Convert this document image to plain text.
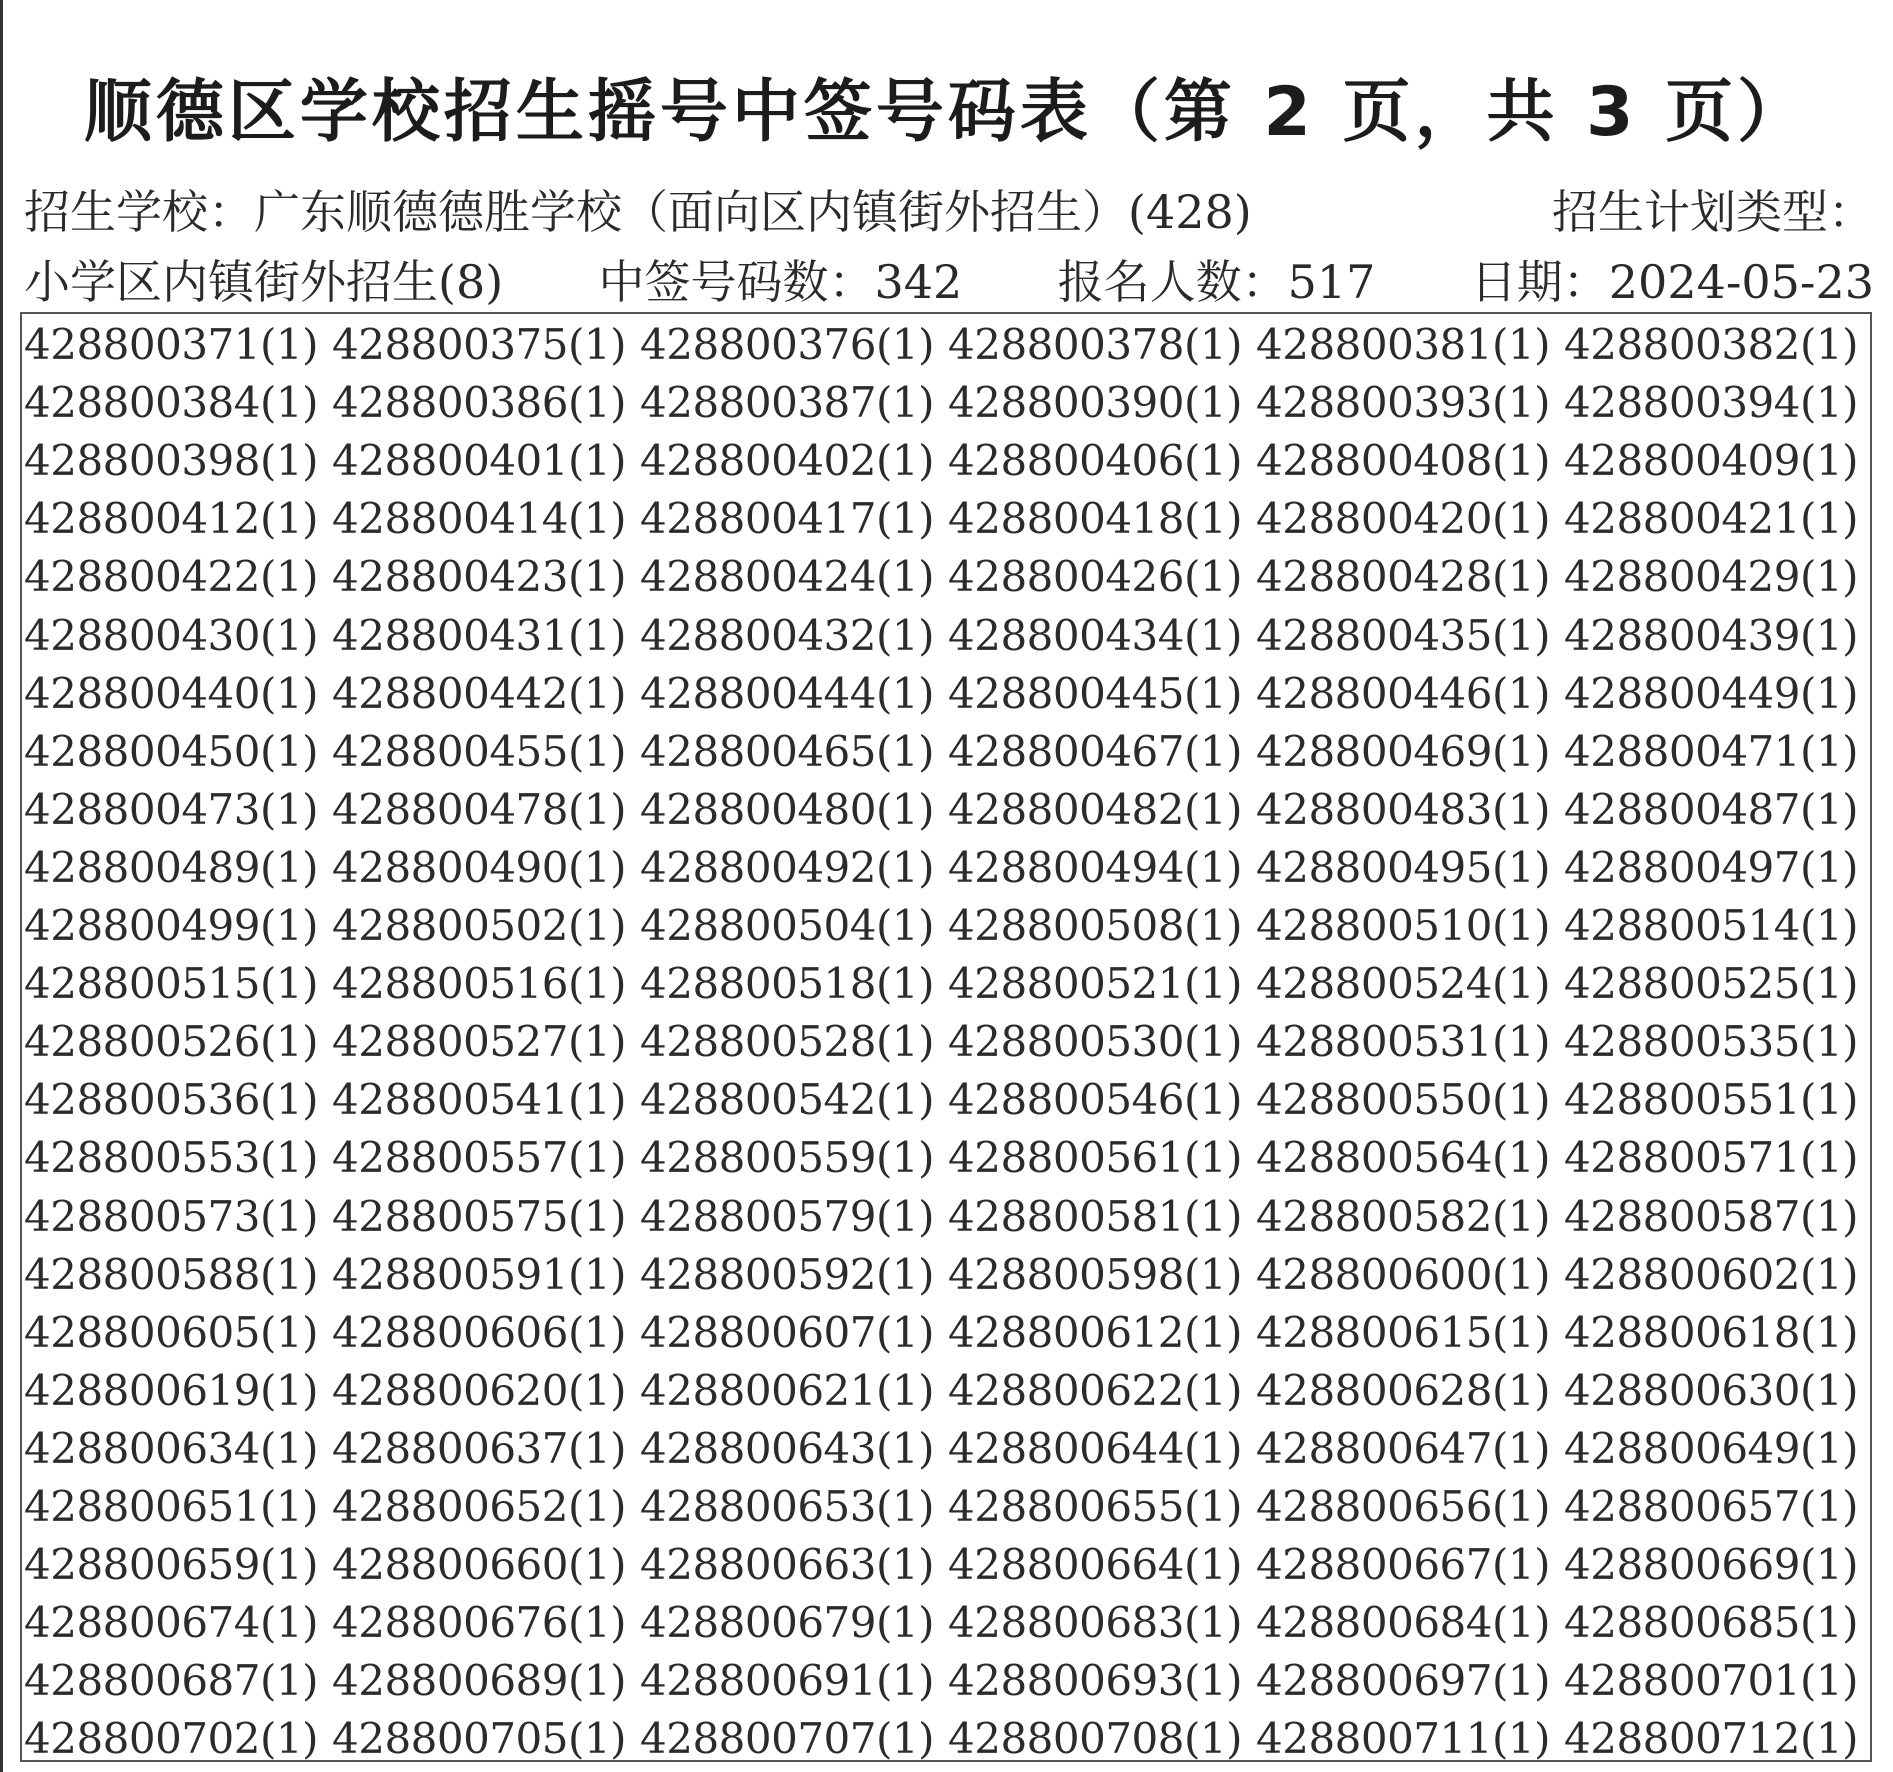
顺德区学校招生摇号中签号码表（第 2 页，共 3 页）
招生学校：广东顺德德胜学校（面向区内镇街外招生）(428)	招生计划类型：
小学区内镇街外招生(8) 中签号码数：342 报名人数：517 日期：2024-05-23
428800371(1) 428800375(1) 428800376(1) 428800378(1) 428800381(1) 428800382(1)
428800384(1) 428800386(1) 428800387(1) 428800390(1) 428800393(1) 428800394(1)
428800398(1) 428800401(1) 428800402(1) 428800406(1) 428800408(1) 428800409(1)
428800412(1) 428800414(1) 428800417(1) 428800418(1) 428800420(1) 428800421(1)
428800422(1) 428800423(1) 428800424(1) 428800426(1) 428800428(1) 428800429(1)
428800430(1) 428800431(1) 428800432(1) 428800434(1) 428800435(1) 428800439(1)
428800440(1) 428800442(1) 428800444(1) 428800445(1) 428800446(1) 428800449(1)
428800450(1) 428800455(1) 428800465(1) 428800467(1) 428800469(1) 428800471(1)
428800473(1) 428800478(1) 428800480(1) 428800482(1) 428800483(1) 428800487(1)
428800489(1) 428800490(1) 428800492(1) 428800494(1) 428800495(1) 428800497(1)
428800499(1) 428800502(1) 428800504(1) 428800508(1) 428800510(1) 428800514(1)
428800515(1) 428800516(1) 428800518(1) 428800521(1) 428800524(1) 428800525(1)
428800526(1) 428800527(1) 428800528(1) 428800530(1) 428800531(1) 428800535(1)
428800536(1) 428800541(1) 428800542(1) 428800546(1) 428800550(1) 428800551(1)
428800553(1) 428800557(1) 428800559(1) 428800561(1) 428800564(1) 428800571(1)
428800573(1) 428800575(1) 428800579(1) 428800581(1) 428800582(1) 428800587(1)
428800588(1) 428800591(1) 428800592(1) 428800598(1) 428800600(1) 428800602(1)
428800605(1) 428800606(1) 428800607(1) 428800612(1) 428800615(1) 428800618(1)
428800619(1) 428800620(1) 428800621(1) 428800622(1) 428800628(1) 428800630(1)
428800634(1) 428800637(1) 428800643(1) 428800644(1) 428800647(1) 428800649(1)
428800651(1) 428800652(1) 428800653(1) 428800655(1) 428800656(1) 428800657(1)
428800659(1) 428800660(1) 428800663(1) 428800664(1) 428800667(1) 428800669(1)
428800674(1) 428800676(1) 428800679(1) 428800683(1) 428800684(1) 428800685(1)
428800687(1) 428800689(1) 428800691(1) 428800693(1) 428800697(1) 428800701(1)
428800702(1) 428800705(1) 428800707(1) 428800708(1) 428800711(1) 428800712(1)
